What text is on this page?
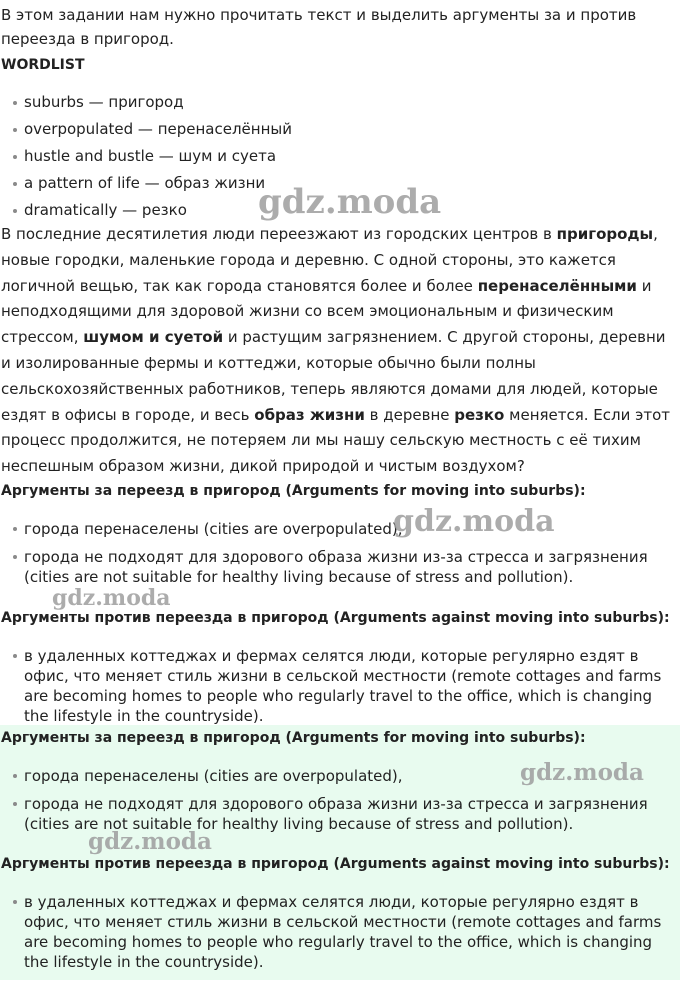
В этом задании нам нужно прочитать текст и выделить аргументы за и против переезда в пригород.

WORDLIST
suburbs — пригород
overpopulated — перенаселённый
hustle and bustle — шум и суета
a pattern of life — образ жизни
dramatically — резко

В последние десятилетия люди переезжают из городских центров в пригороды, новые городки, маленькие города и деревню. С одной стороны, это кажется логичной вещью, так как города становятся более и более перенаселёнными и неподходящими для здоровой жизни со всем эмоциональным и физическим стрессом, шумом и суетой и растущим загрязнением. С другой стороны, деревни и изолированные фермы и коттеджи, которые обычно были полны сельскохозяйственных работников, теперь являются домами для людей, которые ездят в офисы в городе, и весь образ жизни в деревне резко меняется. Если этот процесс продолжится, не потеряем ли мы нашу сельскую местность с её тихим неспешным образом жизни, дикой природой и чистым воздухом?

Аргументы за переезд в пригород (Arguments for moving into suburbs):
города перенаселены (cities are overpopulated),
города не подходят для здорового образа жизни из-за стресса и загрязнения (cities are not suitable for healthy living because of stress and pollution).
Аргументы против переезда в пригород (Arguments against moving into suburbs):
в удаленных коттеджах и фермах селятся люди, которые регулярно ездят в офис, что меняет стиль жизни в сельской местности (remote cottages and farms are becoming homes to people who regularly travel to the office, which is changing the lifestyle in the countryside).
Аргументы за переезд в пригород (Arguments for moving into suburbs):
города перенаселены (cities are overpopulated),
города не подходят для здорового образа жизни из-за стресса и загрязнения (cities are not suitable for healthy living because of stress and pollution).
Аргументы против переезда в пригород (Arguments against moving into suburbs):
в удаленных коттеджах и фермах селятся люди, которые регулярно ездят в офис, что меняет стиль жизни в сельской местности (remote cottages and farms are becoming homes to people who regularly travel to the office, which is changing the lifestyle in the countryside).
gdz.moda
gdz.moda
gdz.moda
gdz.moda
gdz.moda
